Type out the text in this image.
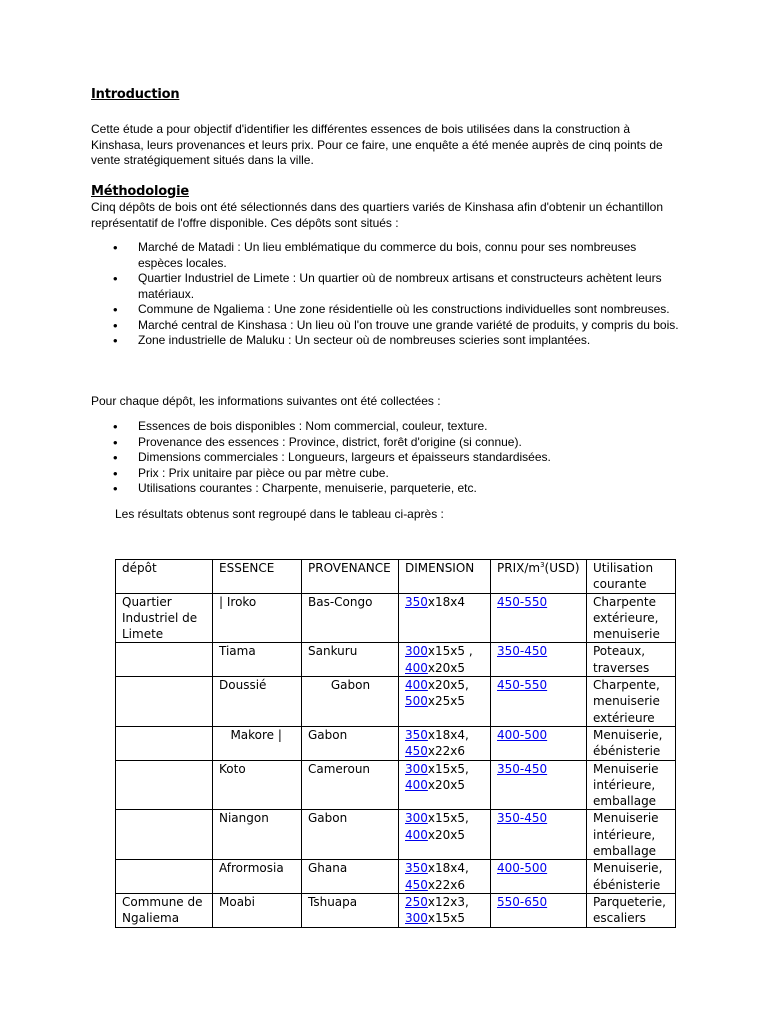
Introduction
Cette étude a pour objectif d'identifier les différentes essences de bois utilisées dans la construction à Kinshasa, leurs provenances et leurs prix. Pour ce faire, une enquête a été menée auprès de cinq points de vente stratégiquement situés dans la ville.
Méthodologie
Cinq dépôts de bois ont été sélectionnés dans des quartiers variés de Kinshasa afin d'obtenir un échantillon représentatif de l'offre disponible. Ces dépôts sont situés :
• Marché de Matadi : Un lieu emblématique du commerce du bois, connu pour ses nombreuses espèces locales.
• Quartier Industriel de Limete : Un quartier où de nombreux artisans et constructeurs achètent leurs matériaux.
• Commune de Ngaliema : Une zone résidentielle où les constructions individuelles sont nombreuses.
• Marché central de Kinshasa : Un lieu où l'on trouve une grande variété de produits, y compris du bois.
• Zone industrielle de Maluku : Un secteur où de nombreuses scieries sont implantées.
Pour chaque dépôt, les informations suivantes ont été collectées :
• Essences de bois disponibles : Nom commercial, couleur, texture.
• Provenance des essences : Province, district, forêt d'origine (si connue).
• Dimensions commerciales : Longueurs, largeurs et épaisseurs standardisées.
• Prix : Prix unitaire par pièce ou par mètre cube.
• Utilisations courantes : Charpente, menuiserie, parqueterie, etc.
Les résultats obtenus sont regroupé dans le tableau ci-après :
dépôt	ESSENCE	PROVENANCE	DIMENSION	PRIX/$m^3(USD)$	Utilisation courante
Quartier Industriel de Limete	| Iroko	Bas-Congo	350x18x4	450-550	Charpente extérieure, menuiserie
	Tiama	Sankuru	300x15x5 ,
400x20x5	350-450	Poteaux, traverses
	Doussié	Gabon	400x20x5,
500x25x5	450-550	Charpente, menuiserie extérieure
	Makore |	Gabon	350x18x4,
450x22x6	400-500	Menuiserie, ébénisterie
	Koto	Cameroun	300x15x5,
400x20x5	350-450	Menuiserie intérieure, emballage
	Niangon	Gabon	300x15x5,
400x20x5	350-450	Menuiserie intérieure, emballage
	Afrormosia	Ghana	350x18x4,
450x22x6	400-500	Menuiserie, ébénisterie
Commune de Ngaliema	Moabi	Tshuapa	250x12x3,
300x15x5	550-650	Parqueterie, escaliers
